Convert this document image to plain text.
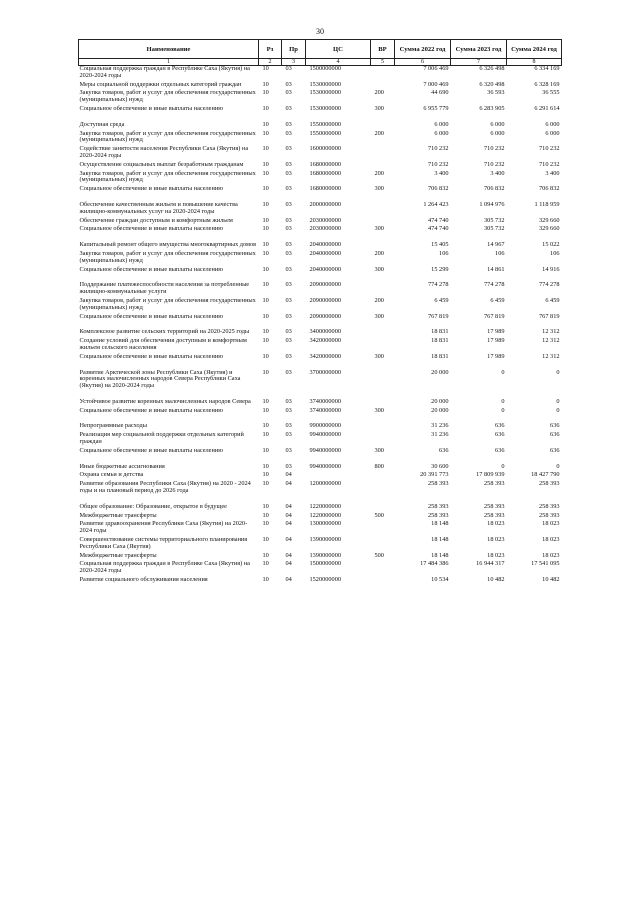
30
Наименование	Рз	Пр	ЦС	ВР	Сумма 2022 год	Сумма 2023 год	Сумма 2024 год
1	2	3	4	5	6	7	8
Социальная поддержка граждан в Республике Саха (Якутия) на 2020-2024 годы	10	03	1500000000		7 006 469	6 326 498	6 334 169
Меры социальной поддержки отдельных категорий граждан	10	03	1530000000		7 000 469	6 320 498	6 328 169
Закупка товаров, работ и услуг для обеспечения государственных (муниципальных) нужд	10	03	1530000000	200	44 690	36 593	36 555
Социальное обеспечение и иные выплаты населению	10	03	1530000000	300	6 955 779	6 283 905	6 291 614

Доступная среда	10	03	1550000000		6 000	6 000	6 000
Закупка товаров, работ и услуг для обеспечения государственных (муниципальных) нужд	10	03	1550000000	200	6 000	6 000	6 000
Содействие занятости населения Республики Саха (Якутия) на 2020-2024 годы	10	03	1600000000		710 232	710 232	710 232
Осуществление социальных выплат безработным гражданам	10	03	1680000000		710 232	710 232	710 232
Закупка товаров, работ и услуг для обеспечения государственных (муниципальных) нужд	10	03	1680000000	200	3 400	3 400	3 400
Социальное обеспечение и иные выплаты населению	10	03	1680000000	300	706 832	706 832	706 832

Обеспечение качественным жильем и повышение качества жилищно-коммунальных услуг на 2020-2024 годы	10	03	2000000000		1 264 423	1 094 976	1 118 959
Обеспечение граждан доступным и комфортным жильем	10	03	2030000000		474 740	305 732	329 660
Социальное обеспечение и иные выплаты населению	10	03	2030000000	300	474 740	305 732	329 660

Капитальный ремонт общего имущества многоквартирных домов	10	03	2040000000		15 405	14 967	15 022
Закупка товаров, работ и услуг для обеспечения государственных (муниципальных) нужд	10	03	2040000000	200	106	106	106
Социальное обеспечение и иные выплаты населению	10	03	2040000000	300	15 299	14 861	14 916

Поддержание платежеспособности населения за потребленные жилищно-коммунальные услуги	10	03	2090000000		774 278	774 278	774 278
Закупка товаров, работ и услуг для обеспечения государственных (муниципальных) нужд	10	03	2090000000	200	6 459	6 459	6 459
Социальное обеспечение и иные выплаты населению	10	03	2090000000	300	767 819	767 819	767 819

Комплексное развитие сельских территорий на 2020-2025 годы	10	03	3400000000		18 831	17 989	12 312
Создание условий для обеспечения доступным и комфортным жильем сельского населения	10	03	3420000000		18 831	17 989	12 312
Социальное обеспечение и иные выплаты населению	10	03	3420000000	300	18 831	17 989	12 312

Развитие Арктической зоны Республики Саха (Якутия) и коренных малочисленных народов Севера Республики Саха (Якутия) на 2020-2024 годы	10	03	3700000000		20 000	0	0

Устойчивое развитие коренных малочисленных народов Севера	10	03	3740000000		20 000	0	0
Социальное обеспечение и иные выплаты населению	10	03	3740000000	300	20 000	0	0

Непрограммные расходы	10	03	9900000000		31 236	636	636
Реализация мер социальной поддержки отдельных категорий граждан	10	03	9940000000		31 236	636	636
Социальное обеспечение и иные выплаты населению	10	03	9940000000	300	636	636	636

Иные бюджетные ассигнования	10	03	9940000000	800	30 600	0	0
Охрана семьи и детства	10	04			20 391 773	17 809 939	18 427 790
Развитие образования Республики Саха (Якутия) на 2020 - 2024 годы и на плановый период до 2026 года	10	04	1200000000		258 393	258 393	258 393

Общее образование: Образование, открытое в будущее	10	04	1220000000		258 393	258 393	258 393
Межбюджетные трансферты	10	04	1220000000	500	258 393	258 393	258 393
Развитие здравоохранения Республики Саха (Якутия) на 2020-2024 годы	10	04	1300000000		18 148	18 023	18 023
Совершенствование системы территориального планирования Республики Саха (Якутия)	10	04	1390000000		18 148	18 023	18 023
Межбюджетные трансферты	10	04	1390000000	500	18 148	18 023	18 023
Социальная поддержка граждан в Республике Саха (Якутия) на 2020-2024 годы	10	04	1500000000		17 484 386	16 944 317	17 541 095
Развитие социального обслуживания населения	10	04	1520000000		10 534	10 482	10 482
